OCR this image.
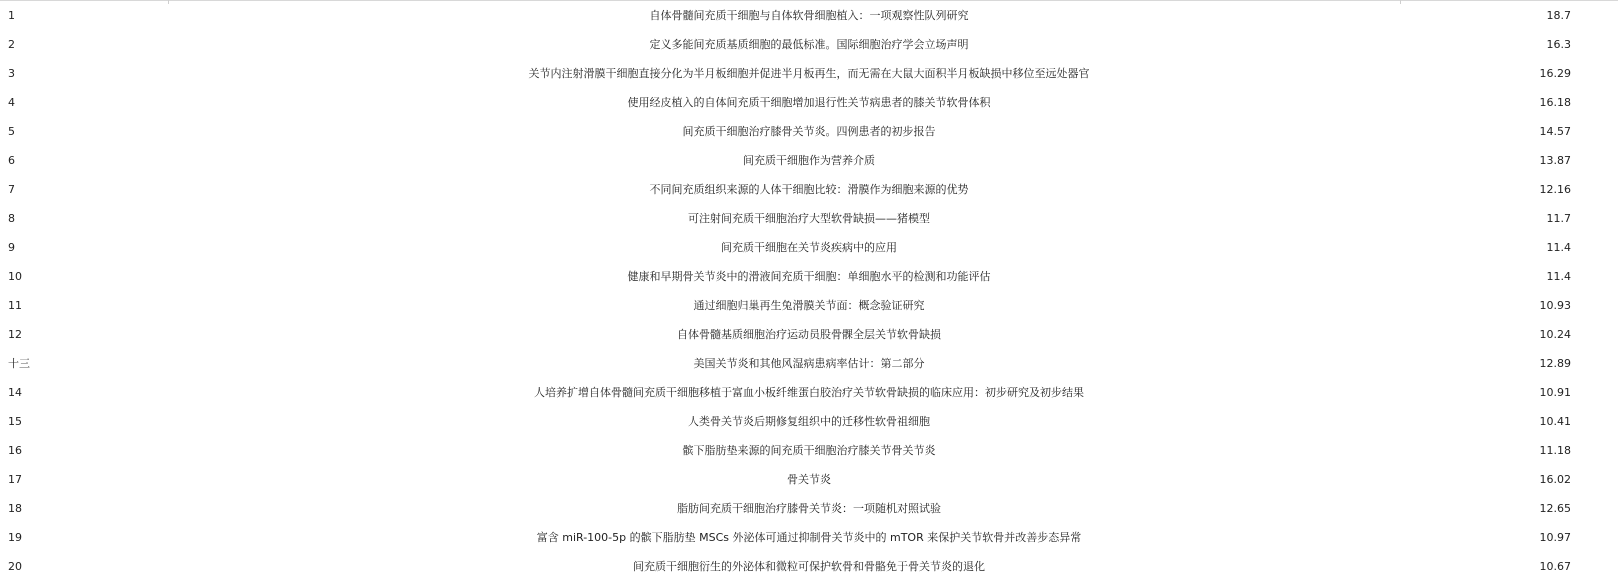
1	自体骨髓间充质干细胞与自体软骨细胞植入：一项观察性队列研究	18.7
2	定义多能间充质基质细胞的最低标准。国际细胞治疗学会立场声明	16.3
3	关节内注射滑膜干细胞直接分化为半月板细胞并促进半月板再生，而无需在大鼠大面积半月板缺损中移位至远处器官	16.29
4	使用经皮植入的自体间充质干细胞增加退行性关节病患者的膝关节软骨体积	16.18
5	间充质干细胞治疗膝骨关节炎。四例患者的初步报告	14.57
6	间充质干细胞作为营养介质	13.87
7	不同间充质组织来源的人体干细胞比较：滑膜作为细胞来源的优势	12.16
8	可注射间充质干细胞治疗大型软骨缺损——猪模型	11.7
9	间充质干细胞在关节炎疾病中的应用	11.4
10	健康和早期骨关节炎中的滑液间充质干细胞：单细胞水平的检测和功能评估	11.4
11	通过细胞归巢再生兔滑膜关节面：概念验证研究	10.93
12	自体骨髓基质细胞治疗运动员股骨髁全层关节软骨缺损	10.24
十三	美国关节炎和其他风湿病患病率估计：第二部分	12.89
14	人培养扩增自体骨髓间充质干细胞移植于富血小板纤维蛋白胶治疗关节软骨缺损的临床应用：初步研究及初步结果	10.91
15	人类骨关节炎后期修复组织中的迁移性软骨祖细胞	10.41
16	髌下脂肪垫来源的间充质干细胞治疗膝关节骨关节炎	11.18
17	骨关节炎	16.02
18	脂肪间充质干细胞治疗膝骨关节炎：一项随机对照试验	12.65
19	富含 miR-100-5p 的髌下脂肪垫 MSCs 外泌体可通过抑制骨关节炎中的 mTOR 来保护关节软骨并改善步态异常	10.97
20	间充质干细胞衍生的外泌体和微粒可保护软骨和骨骼免于骨关节炎的退化	10.67
